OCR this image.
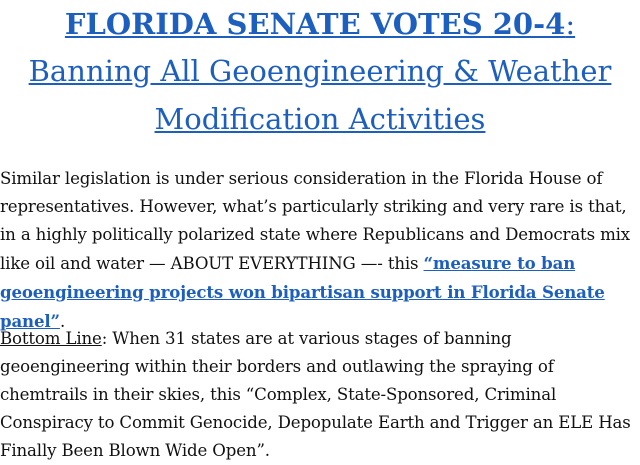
FLORIDA SENATE VOTES 20-4:
Banning All Geoengineering & Weather
Modification Activities

Similar legislation is under serious consideration in the Florida House of representatives. However, what’s particularly striking and very rare is that, in a highly politically polarized state where Republicans and Democrats mix like oil and water — ABOUT EVERYTHING —- this “measure to ban geoengineering projects won bipartisan support in Florida Senate panel”.

Bottom Line: When 31 states are at various stages of banning geoengineering within their borders and outlawing the spraying of chemtrails in their skies, this “Complex, State-Sponsored, Criminal Conspiracy to Commit Genocide, Depopulate Earth and Trigger an ELE Has Finally Been Blown Wide Open”.
